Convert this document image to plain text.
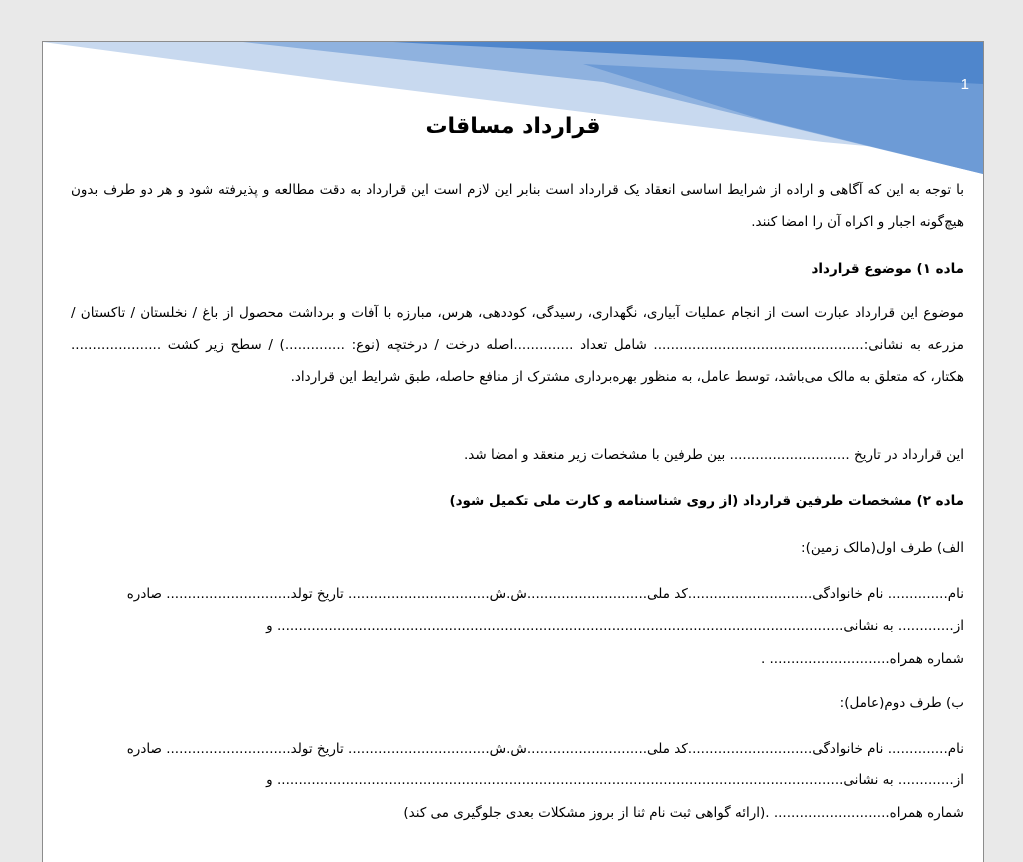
1
قرارداد مساقات
با توجه به این که آگاهی و اراده از شرایط اساسی انعقاد یک قرارداد است بنابر این لازم است این قرارداد به دقت مطالعه و پذیرفته شود و هر دو طرف بدون هیچ‌گونه اجبار و اکراه آن را امضا کنند.
ماده ۱) موضوع قرارداد
موضوع این قرارداد عبارت است از انجام عملیات آبیاری، نگهداری، رسیدگی، کوددهی، هرس، مبارزه با آفات و برداشت محصول از باغ / نخلستان / تاکستان / مزرعه به نشانی:................................................. شامل تعداد ..............اصله درخت / درختچه (نوع: ..............) / سطح زیر کشت ..................... هکتار، که متعلق به مالک می‌باشد، توسط عامل، به منظور بهره‌برداری مشترک از منافع حاصله، طبق شرایط این قرارداد.
این قرارداد در تاریخ ............................ بین طرفین با مشخصات زیر منعقد و امضا شد.
ماده ۲) مشخصات طرفین قرارداد (از روی شناسنامه و کارت ملی تکمیل شود)
الف) طرف اول(مالک زمین):
نام.............. نام خانوادگی.............................کد ملی............................ش.ش................................. تاریخ تولد............................. صادره
از............. به نشانی.................................................................................................................................... و
شماره همراه............................ .
ب) طرف دوم(عامل):
نام.............. نام خانوادگی.............................کد ملی............................ش.ش................................. تاریخ تولد............................. صادره
از............. به نشانی.................................................................................................................................... و
شماره همراه........................... .(ارائه گواهی ثبت نام ثنا از بروز مشکلات بعدی جلوگیری می کند)
